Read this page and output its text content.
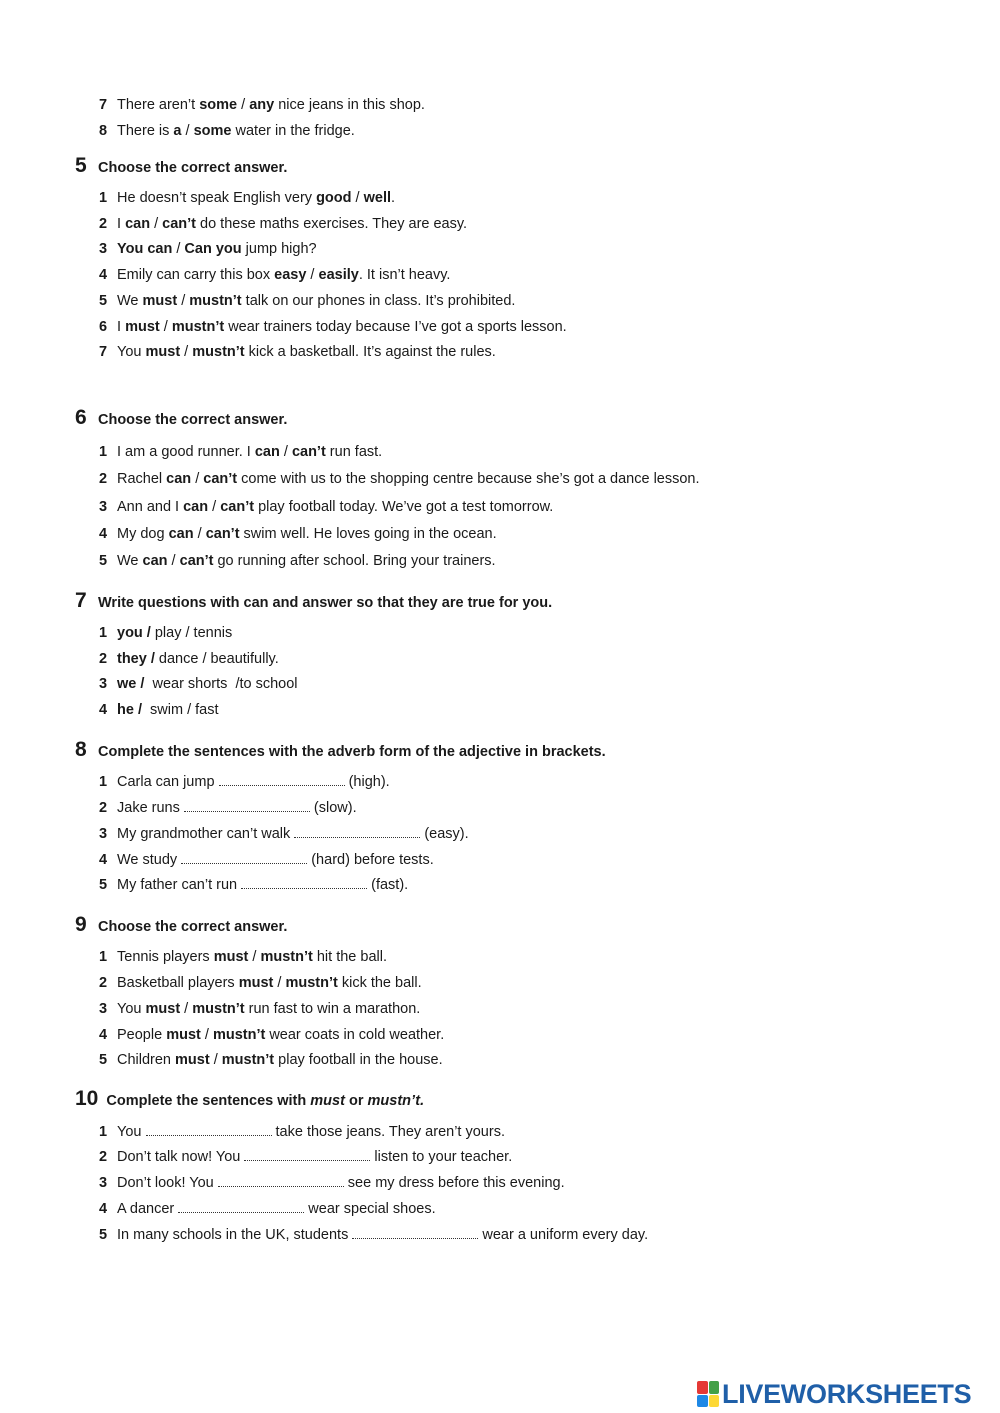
7 There aren’t some / any nice jeans in this shop.
8 There is a / some water in the fridge.
5 Choose the correct answer.
1 He doesn’t speak English very good / well.
2 I can / can’t do these maths exercises. They are easy.
3 You can / Can you jump high?
4 Emily can carry this box easy / easily. It isn’t heavy.
5 We must / mustn’t talk on our phones in class. It’s prohibited.
6 I must / mustn’t wear trainers today because I’ve got a sports lesson.
7 You must / mustn’t kick a basketball. It’s against the rules.
6 Choose the correct answer.
1 I am a good runner. I can / can’t run fast.
2 Rachel can / can’t come with us to the shopping centre because she’s got a dance lesson.
3 Ann and I can / can’t play football today. We’ve got a test tomorrow.
4 My dog can / can’t swim well. He loves going in the ocean.
5 We can / can’t go running after school. Bring your trainers.
7 Write questions with can and answer so that they are true for you.
1 you / play / tennis
2 they / dance / beautifully.
3 we /  wear shorts  /to school
4 he /  swim / fast
8 Complete the sentences with the adverb form of the adjective in brackets.
1 Carla can jump	(high).
2 Jake runs	(slow).
3 My grandmother can’t walk	(easy).
4 We study	(hard) before tests.
5 My father can’t run	(fast).
9 Choose the correct answer.
1 Tennis players must / mustn’t hit the ball.
2 Basketball players must / mustn’t kick the ball.
3 You must / mustn’t run fast to win a marathon.
4 People must / mustn’t wear coats in cold weather.
5 Children must / mustn’t play football in the house.
10  Complete the sentences with must or mustn’t.
1 You	take those jeans. They aren’t yours.
2 Don’t talk now! You	listen to your teacher.
3 Don’t look! You	see my dress before this evening.
4 A dancer	wear special shoes.
5 In many schools in the UK, students	wear a uniform every day.
LIVEWORKSHEETS
